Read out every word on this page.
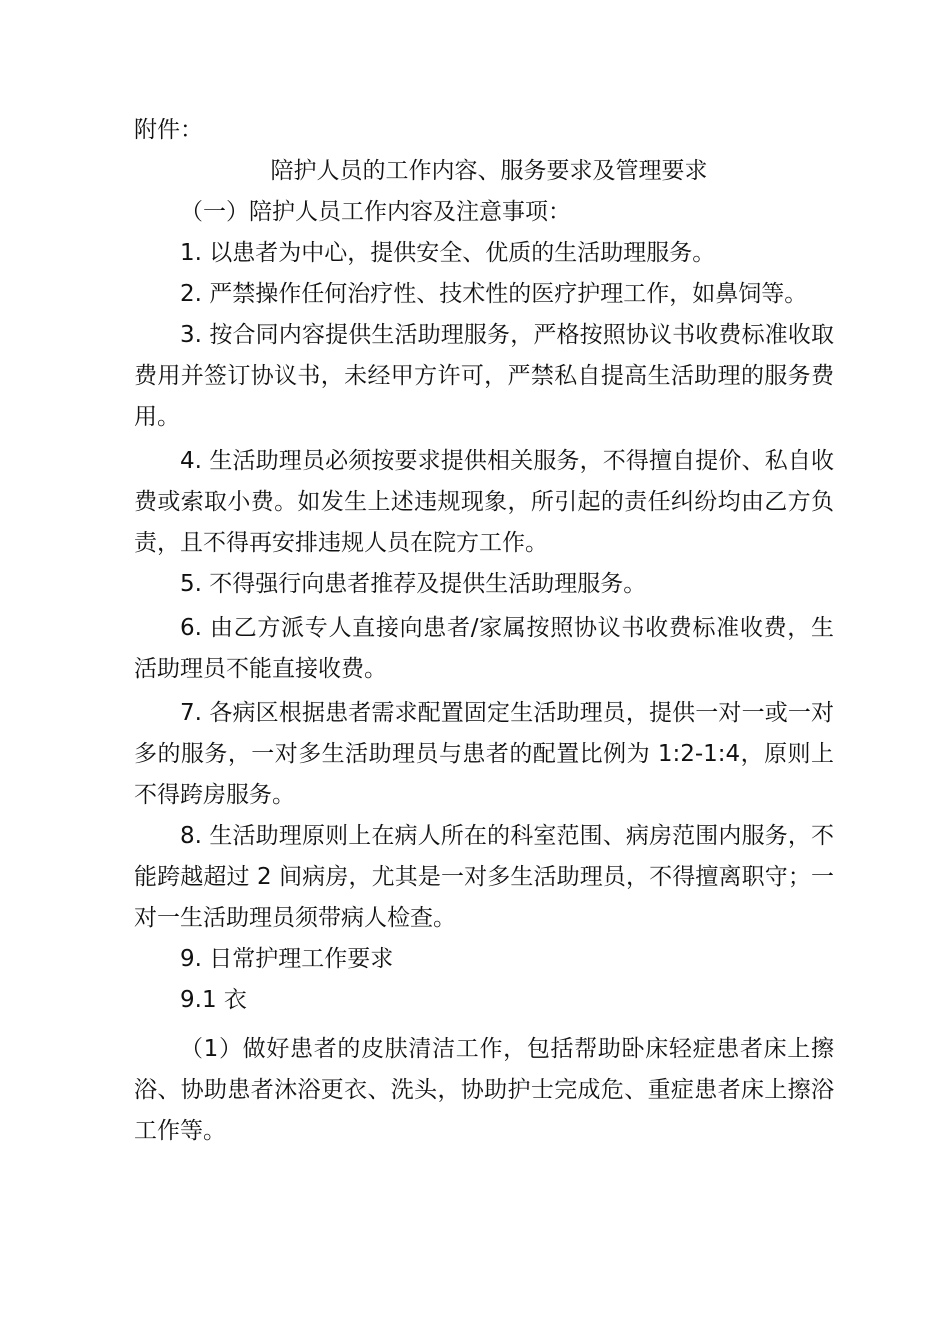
附件：

陪护人员的工作内容、服务要求及管理要求

（一）陪护人员工作内容及注意事项：

1. 以患者为中心，提供安全、优质的生活助理服务。

2. 严禁操作任何治疗性、技术性的医疗护理工作，如鼻饲等。

3. 按合同内容提供生活助理服务，严格按照协议书收费标准收取费用并签订协议书，未经甲方许可，严禁私自提高生活助理的服务费用。

4. 生活助理员必须按要求提供相关服务，不得擅自提价、私自收费或索取小费。如发生上述违规现象，所引起的责任纠纷均由乙方负责，且不得再安排违规人员在院方工作。

5. 不得强行向患者推荐及提供生活助理服务。

6. 由乙方派专人直接向患者/家属按照协议书收费标准收费，生活助理员不能直接收费。

7. 各病区根据患者需求配置固定生活助理员，提供一对一或一对多的服务，一对多生活助理员与患者的配置比例为 1:2-1:4，原则上不得跨房服务。

8. 生活助理原则上在病人所在的科室范围、病房范围内服务，不能跨越超过 2 间病房，尤其是一对多生活助理员，不得擅离职守；一对一生活助理员须带病人检查。

9. 日常护理工作要求

9.1 衣

（1）做好患者的皮肤清洁工作，包括帮助卧床轻症患者床上擦浴、协助患者沐浴更衣、洗头，协助护士完成危、重症患者床上擦浴工作等。
